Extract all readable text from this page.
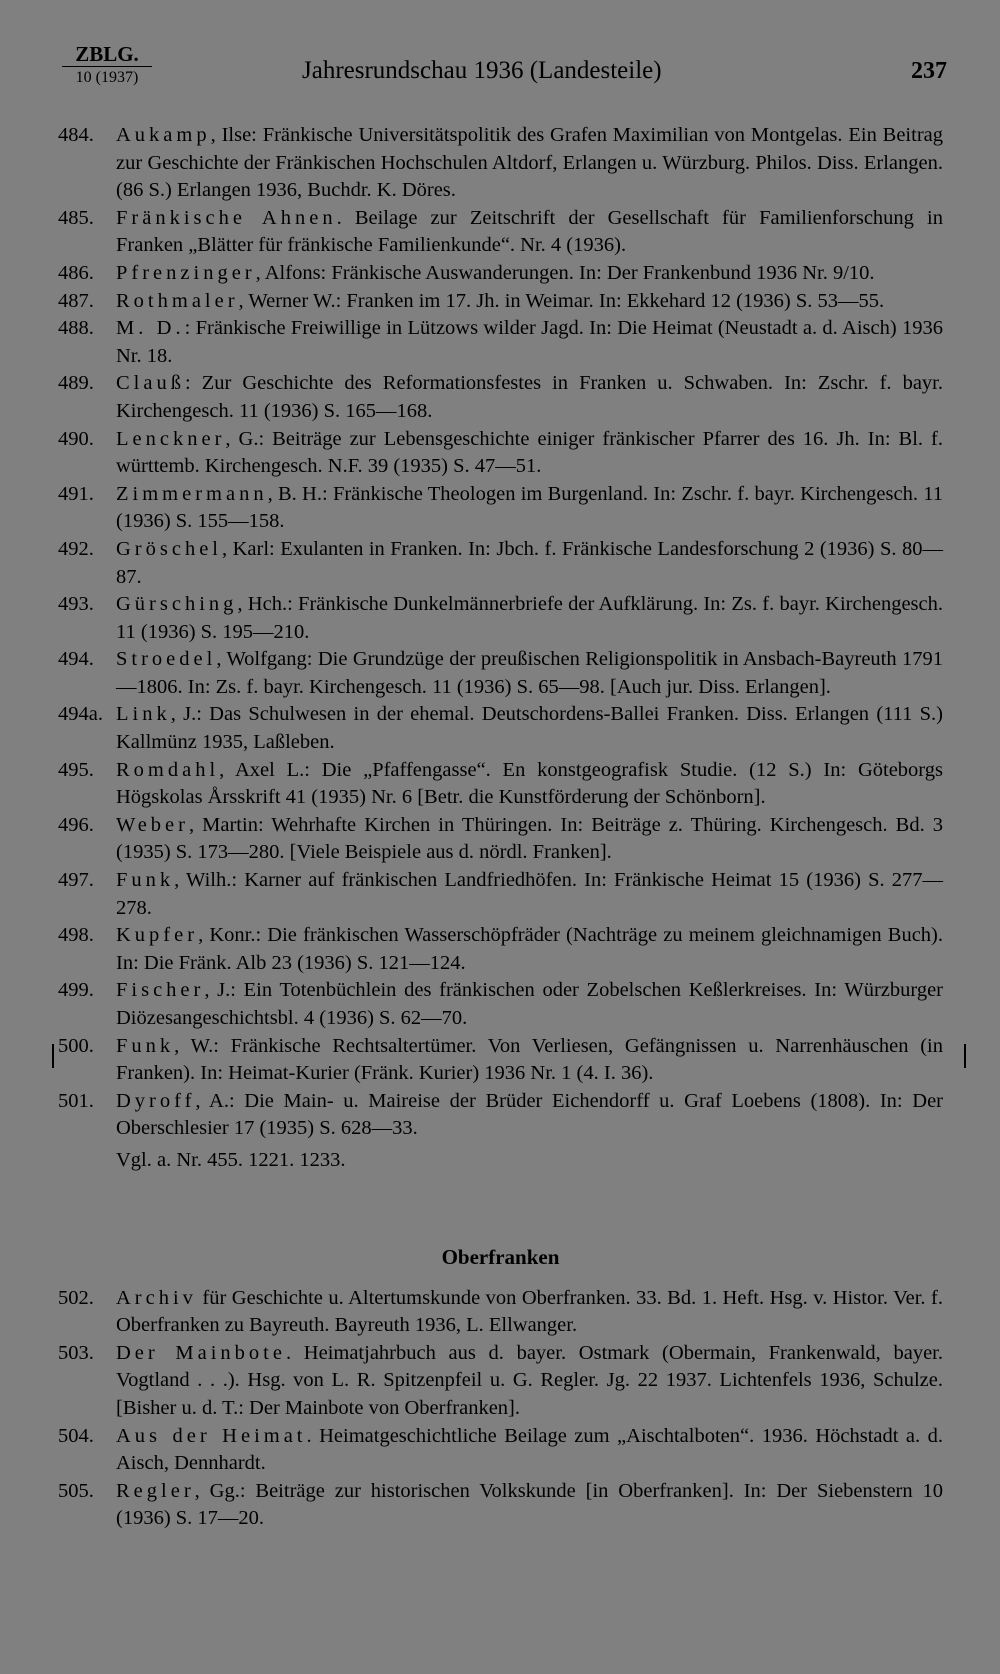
ZBLG.
10 (1937)	Jahresrundschau 1936 (Landesteile)	237

484.	Aukamp, Ilse: Fränkische Universitätspolitik des Grafen Maximilian von Montgelas. Ein Beitrag zur Geschichte der Fränkischen Hochschulen Altdorf, Erlangen u. Würzburg. Philos. Diss. Erlangen. (86 S.) Erlangen 1936, Buchdr. K. Döres.

485.	Fränkische Ahnen. Beilage zur Zeitschrift der Gesellschaft für Familienforschung in Franken „Blätter für fränkische Familienkunde“. Nr. 4 (1936).

486.	Pfrenzinger, Alfons: Fränkische Auswanderungen. In: Der Frankenbund 1936 Nr. 9/10.

487.	Rothmaler, Werner W.: Franken im 17. Jh. in Weimar. In: Ekkehard 12 (1936) S. 53—55.

488.	M. D.: Fränkische Freiwillige in Lützows wilder Jagd. In: Die Heimat (Neustadt a. d. Aisch) 1936 Nr. 18.

489.	Clauß: Zur Geschichte des Reformationsfestes in Franken u. Schwaben. In: Zschr. f. bayr. Kirchengesch. 11 (1936) S. 165—168.

490.	Lenckner, G.: Beiträge zur Lebensgeschichte einiger fränkischer Pfarrer des 16. Jh. In: Bl. f. württemb. Kirchengesch. N.F. 39 (1935) S. 47—51.

491.	Zimmermann, B. H.: Fränkische Theologen im Burgenland. In: Zschr. f. bayr. Kirchengesch. 11 (1936) S. 155—158.

492.	Gröschel, Karl: Exulanten in Franken. In: Jbch. f. Fränkische Landesforschung 2 (1936) S. 80—87.

493.	Gürsching, Hch.: Fränkische Dunkelmännerbriefe der Aufklärung. In: Zs. f. bayr. Kirchengesch. 11 (1936) S. 195—210.

494.	Stroedel, Wolfgang: Die Grundzüge der preußischen Religionspolitik in Ansbach-Bayreuth 1791—1806. In: Zs. f. bayr. Kirchengesch. 11 (1936) S. 65—98. [Auch jur. Diss. Erlangen].

494a. Link, J.: Das Schulwesen in der ehemal. Deutschordens-Ballei Franken. Diss. Erlangen (111 S.) Kallmünz 1935, Laßleben.

495.	Romdahl, Axel L.: Die „Pfaffengasse“. En konstgeografisk Studie. (12 S.) In: Göteborgs Högskolas Årsskrift 41 (1935) Nr. 6 [Betr. die Kunstförderung der Schönborn].

496.	Weber, Martin: Wehrhafte Kirchen in Thüringen. In: Beiträge z. Thüring. Kirchengesch. Bd. 3 (1935) S. 173—280. [Viele Beispiele aus d. nördl. Franken].

497.	Funk, Wilh.: Karner auf fränkischen Landfriedhöfen. In: Fränkische Heimat 15 (1936) S. 277—278.

498.	Kupfer, Konr.: Die fränkischen Wasserschöpfräder (Nachträge zu meinem gleichnamigen Buch). In: Die Fränk. Alb 23 (1936) S. 121—124.

499.	Fischer, J.: Ein Totenbüchlein des fränkischen oder Zobelschen Keßlerkreises. In: Würzburger Diözesangeschichtsbl. 4 (1936) S. 62—70.

500.	Funk, W.: Fränkische Rechtsaltertümer. Von Verliesen, Gefängnissen u. Narrenhäuschen (in Franken). In: Heimat-Kurier (Fränk. Kurier) 1936 Nr. 1 (4. I. 36).

501.	Dyroff, A.: Die Main- u. Maireise der Brüder Eichendorff u. Graf Loebens (1808). In: Der Oberschlesier 17 (1935) S. 628—33.

Vgl. a. Nr. 455. 1221. 1233.
Oberfranken

502.	Archiv für Geschichte u. Altertumskunde von Oberfranken. 33. Bd. 1. Heft. Hsg. v. Histor. Ver. f. Oberfranken zu Bayreuth. Bayreuth 1936, L. Ellwanger.

503.	Der Mainbote. Heimatjahrbuch aus d. bayer. Ostmark (Obermain, Frankenwald, bayer. Vogtland . . .). Hsg. von L. R. Spitzenpfeil u. G. Regler. Jg. 22 1937. Lichtenfels 1936, Schulze. [Bisher u. d. T.: Der Mainbote von Oberfranken].

504.	Aus der Heimat. Heimatgeschichtliche Beilage zum „Aischtalboten“. 1936. Höchstadt a. d. Aisch, Dennhardt.

505.	Regler, Gg.: Beiträge zur historischen Volkskunde [in Oberfranken]. In: Der Siebenstern 10 (1936) S. 17—20.
